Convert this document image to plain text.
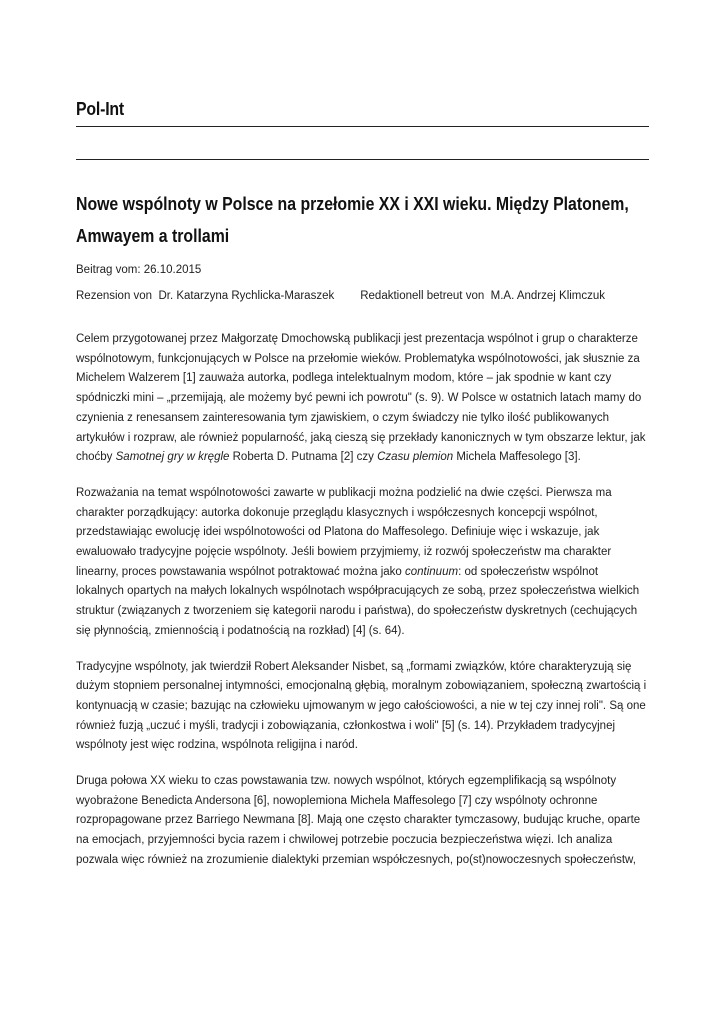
Pol-Int
Nowe wspólnoty w Polsce na przełomie XX i XXI wieku. Między Platonem, Amwayem a trollami
Beitrag vom: 26.10.2015
Rezension von Dr. Katarzyna Rychlicka-Maraszek Redaktionell betreut von M.A. Andrzej Klimczuk

Celem przygotowanej przez Małgorzatę Dmochowską publikacji jest prezentacja wspólnot i grup o charakterze wspólnotowym, funkcjonujących w Polsce na przełomie wieków. Problematyka wspólnotowości, jak słusznie za Michelem Walzerem [1] zauważa autorka, podlega intelektualnym modom, które – jak spodnie w kant czy spódniczki mini – „przemijają, ale możemy być pewni ich powrotu" (s. 9). W Polsce w ostatnich latach mamy do czynienia z renesansem zainteresowania tym zjawiskiem, o czym świadczy nie tylko ilość publikowanych artykułów i rozpraw, ale również popularność, jaką cieszą się przekłady kanonicznych w tym obszarze lektur, jak choćby Samotnej gry w kręgle Roberta D. Putnama [2] czy Czasu plemion Michela Maffesolego [3].

Rozważania na temat wspólnotowości zawarte w publikacji można podzielić na dwie części. Pierwsza ma charakter porządkujący: autorka dokonuje przeglądu klasycznych i współczesnych koncepcji wspólnot, przedstawiając ewolucję idei wspólnotowości od Platona do Maffesolego. Definiuje więc i wskazuje, jak ewaluowało tradycyjne pojęcie wspólnoty. Jeśli bowiem przyjmiemy, iż rozwój społeczeństw ma charakter linearny, proces powstawania wspólnot potraktować można jako continuum: od społeczeństw wspólnot lokalnych opartych na małych lokalnych wspólnotach współpracujących ze sobą, przez społeczeństwa wielkich struktur (związanych z tworzeniem się kategorii narodu i państwa), do społeczeństw dyskretnych (cechujących się płynnością, zmiennością i podatnością na rozkład) [4] (s. 64).

Tradycyjne wspólnoty, jak twierdził Robert Aleksander Nisbet, są „formami związków, które charakteryzują się dużym stopniem personalnej intymności, emocjonalną głębią, moralnym zobowiązaniem, społeczną zwartością i kontynuacją w czasie; bazując na człowieku ujmowanym w jego całościowości, a nie w tej czy innej roli". Są one również fuzją „uczuć i myśli, tradycji i zobowiązania, członkostwa i woli" [5] (s. 14). Przykładem tradycyjnej wspólnoty jest więc rodzina, wspólnota religijna i naród.

Druga połowa XX wieku to czas powstawania tzw. nowych wspólnot, których egzemplifikacją są wspólnoty wyobrażone Benedicta Andersona [6], nowoplemiona Michela Maffesolego [7] czy wspólnoty ochronne rozpropagowane przez Barriego Newmana [8]. Mają one często charakter tymczasowy, budując kruche, oparte na emocjach, przyjemności bycia razem i chwilowej potrzebie poczucia bezpieczeństwa więzi. Ich analiza pozwala więc również na zrozumienie dialektyki przemian współczesnych, po(st)nowoczesnych społeczeństw,
